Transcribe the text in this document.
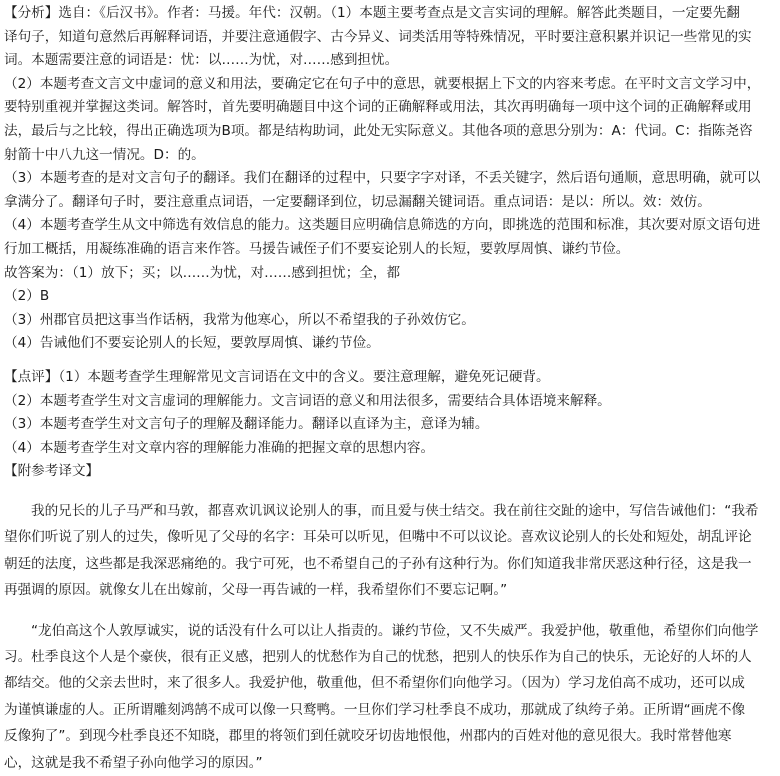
【分析】选自：《后汉书》。作者：马援。年代：汉朝。（1）本题主要考查点是文言实词的理解。解答此类题目，一定要先翻
译句子，知道句意然后再解释词语，并要注意通假字、古今异义、词类活用等特殊情况，平时要注意积累并识记一些常见的实
词。本题需要注意的词语是：忧：以……为忧，对……感到担忧。
（2）本题考查文言文中虚词的意义和用法，要确定它在句子中的意思，就要根据上下文的内容来考虑。在平时文言文学习中，
要特别重视并掌握这类词。解答时，首先要明确题目中这个词的正确解释或用法，其次再明确每一项中这个词的正确解释或用
法，最后与之比较，得出正确选项为B项。都是结构助词，此处无实际意义。其他各项的意思分别为：A：代词。C：指陈尧咨
射箭十中八九这一情况。D：的。
（3）本题考查的是对文言句子的翻译。我们在翻译的过程中，只要字字对译，不丢关键字，然后语句通顺，意思明确，就可以
拿满分了。翻译句子时，要注意重点词语，一定要翻译到位，切忌漏翻关键词语。重点词语：是以：所以。效：效仿。
（4）本题考查学生从文中筛选有效信息的能力。这类题目应明确信息筛选的方向，即挑选的范围和标准，其次要对原文语句进
行加工概括，用凝练准确的语言来作答。马援告诫侄子们不要妄论别人的长短，要敦厚周慎、谦约节俭。
故答案为：（1）放下；买；以……为忧，对……感到担忧；全，都
（2）B
（3）州郡官员把这事当作话柄，我常为他寒心，所以不希望我的子孙效仿它。
（4）告诫他们不要妄论别人的长短，要敦厚周慎、谦约节俭。
【点评】（1）本题考查学生理解常见文言词语在文中的含义。要注意理解，避免死记硬背。
（2）本题考查学生对文言虚词的理解能力。文言词语的意义和用法很多，需要结合具体语境来解释。
（3）本题考查学生对文言句子的理解及翻译能力。翻译以直译为主，意译为辅。
（4）本题考查学生对文章内容的理解能力准确的把握文章的思想内容。
【附参考译文】
我的兄长的儿子马严和马敦，都喜欢讥讽议论别人的事，而且爱与侠士结交。我在前往交趾的途中，写信告诫他们：“我希
望你们听说了别人的过失，像听见了父母的名字：耳朵可以听见，但嘴中不可以议论。喜欢议论别人的长处和短处，胡乱评论
朝廷的法度，这些都是我深恶痛绝的。我宁可死，也不希望自己的子孙有这种行为。你们知道我非常厌恶这种行径，这是我一
再强调的原因。就像女儿在出嫁前，父母一再告诫的一样，我希望你们不要忘记啊。”
“龙伯高这个人敦厚诚实，说的话没有什么可以让人指责的。谦约节俭，又不失威严。我爱护他，敬重他，希望你们向他学
习。杜季良这个人是个豪侠，很有正义感，把别人的忧愁作为自己的忧愁，把别人的快乐作为自己的快乐，无论好的人坏的人
都结交。他的父亲去世时，来了很多人。我爱护他，敬重他，但不希望你们向他学习。（因为）学习龙伯高不成功，还可以成
为谨慎谦虚的人。正所谓雕刻鸿鹄不成可以像一只鹜鸭。一旦你们学习杜季良不成功，那就成了纨绔子弟。正所谓“画虎不像
反像狗了”。到现今杜季良还不知晓，郡里的将领们到任就咬牙切齿地恨他，州郡内的百姓对他的意见很大。我时常替他寒
心，这就是我不希望子孙向他学习的原因。”
